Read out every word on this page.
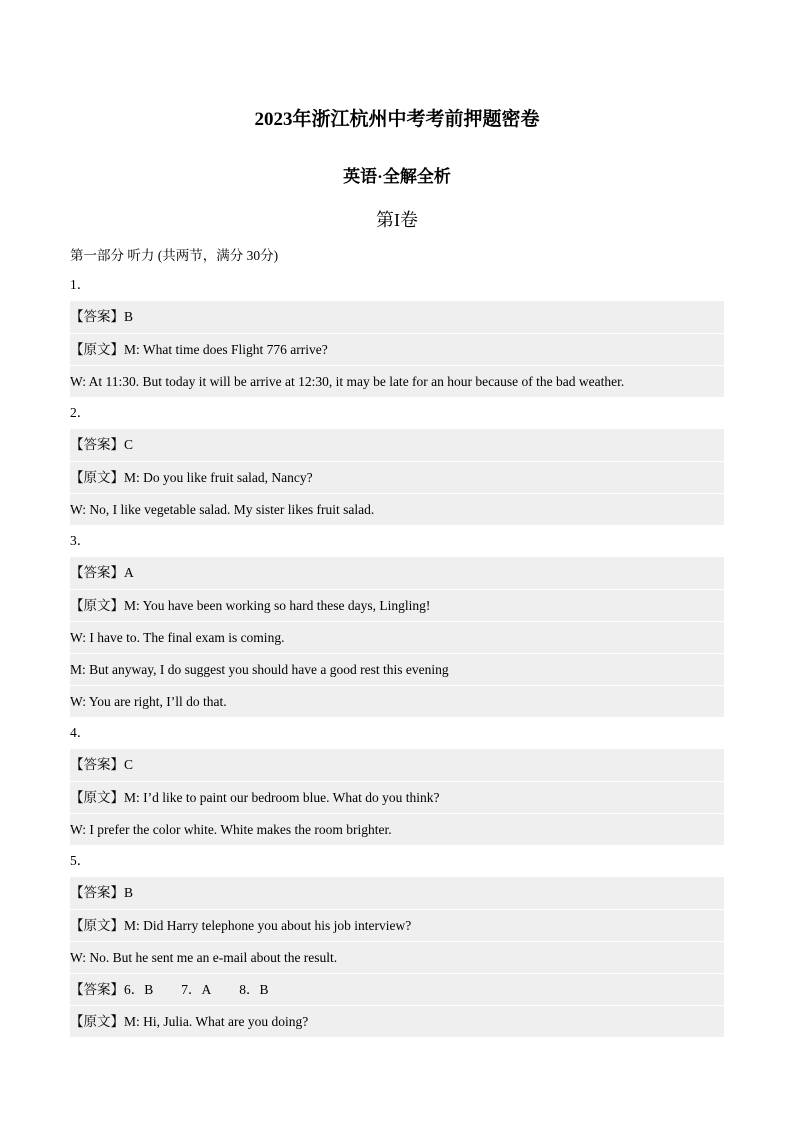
2023年浙江杭州中考考前押题密卷
英语·全解全析
第I卷
第一部分 听力 (共两节，满分 30分)
1．
【答案】B
【原文】M: What time does Flight 776 arrive?
W: At 11:30. But today it will be arrive at 12:30, it may be late for an hour because of the bad weather.
2．
【答案】C
【原文】M: Do you like fruit salad, Nancy?
W: No, I like vegetable salad. My sister likes fruit salad.
3．
【答案】A
【原文】M: You have been working so hard these days, Lingling!
W: I have to. The final exam is coming.
M: But anyway, I do suggest you should have a good rest this evening
W: You are right, I’ll do that.
4．
【答案】C
【原文】M: I’d like to paint our bedroom blue. What do you think?
W: I prefer the color white. White makes the room brighter.
5．
【答案】B
【原文】M: Did Harry telephone you about his job interview?
W: No. But he sent me an e-mail about the result.
【答案】6．B 7．A 8．B
【原文】M: Hi, Julia. What are you doing?
